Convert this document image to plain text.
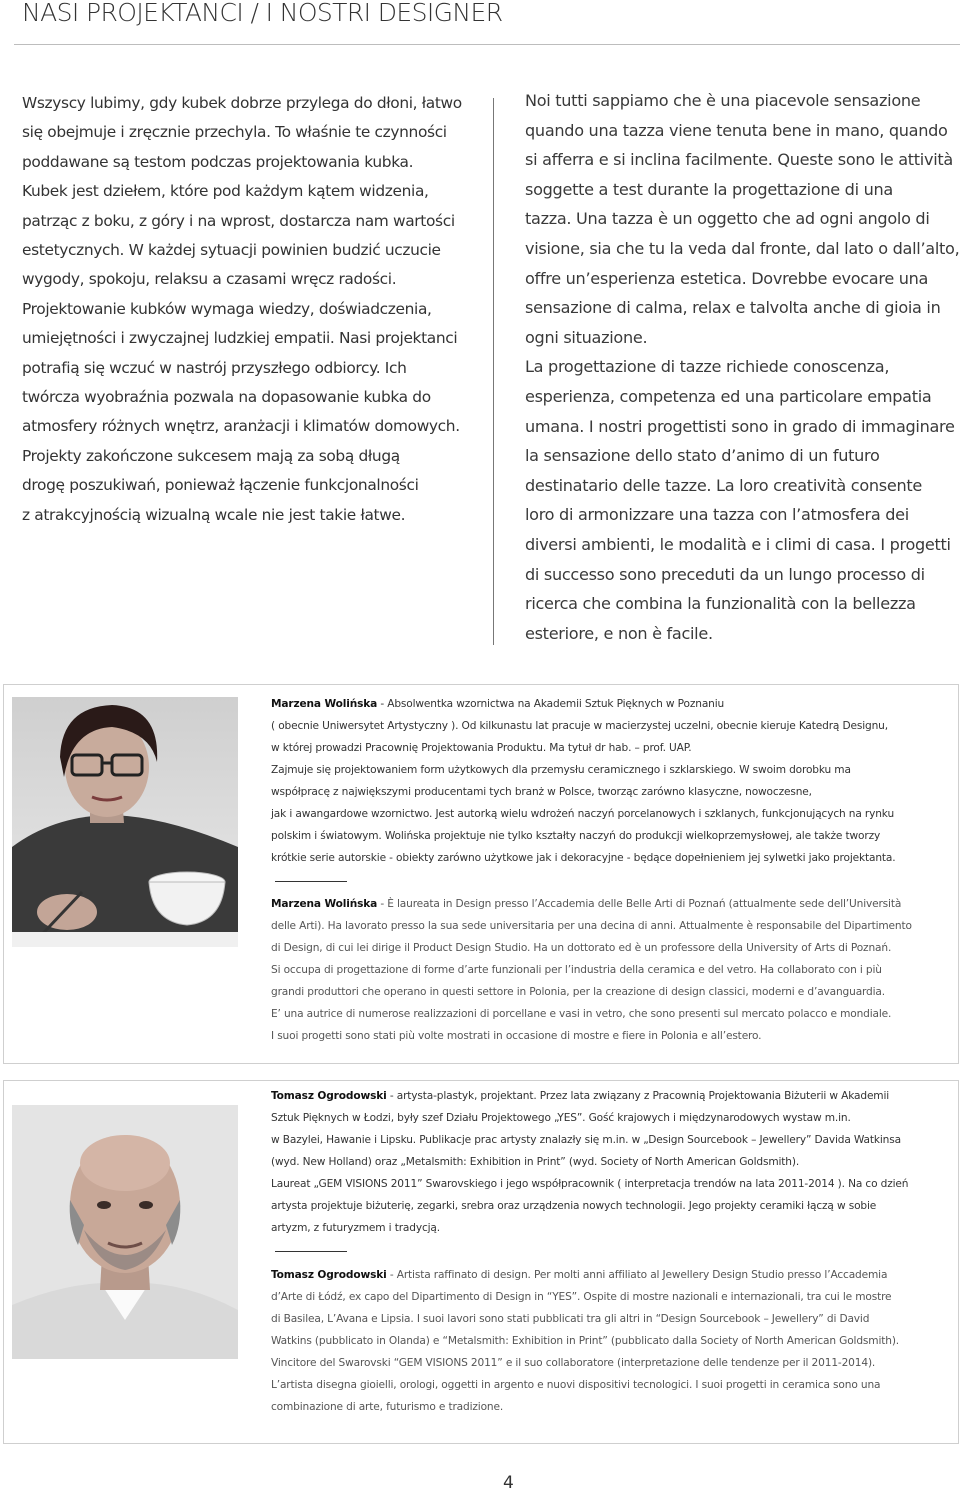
NASI PROJEKTANCI / I NOSTRI DESIGNER

Wszyscy lubimy, gdy kubek dobrze przylega do dłoni, łatwo

się obejmuje i zręcznie przechyla. To właśnie te czynności

poddawane są testom podczas projektowania kubka.

Kubek jest dziełem, które pod każdym kątem widzenia,

patrząc z boku, z góry i na wprost, dostarcza nam wartości

estetycznych. W każdej sytuacji powinien budzić uczucie

wygody, spokoju, relaksu a czasami wręcz radości.

Projektowanie kubków wymaga wiedzy, doświadczenia,

umiejętności i zwyczajnej ludzkiej empatii. Nasi projektanci

potrafią się wczuć w nastrój przyszłego odbiorcy. Ich

twórcza wyobraźnia pozwala na dopasowanie kubka do

atmosfery różnych wnętrz, aranżacji i klimatów domowych.

Projekty zakończone sukcesem mają za sobą długą

drogę poszukiwań, ponieważ łączenie funkcjonalności

z atrakcyjnością wizualną wcale nie jest takie łatwe.

Noi tutti sappiamo che è una piacevole sensazione

quando una tazza viene tenuta bene in mano, quando

si afferra e si inclina facilmente. Queste sono le attività

soggette a test durante la progettazione di una

tazza. Una tazza è un oggetto che ad ogni angolo di

visione, sia che tu la veda dal fronte, dal lato o dall’alto,

offre un’esperienza estetica. Dovrebbe evocare una

sensazione di calma, relax e talvolta anche di gioia in

ogni situazione.

La progettazione di tazze richiede conoscenza,

esperienza, competenza ed una particolare empatia

umana. I nostri progettisti sono in grado di immaginare

la sensazione dello stato d’animo di un futuro

destinatario delle tazze. La loro creatività consente

loro di armonizzare una tazza con l’atmosfera dei

diversi ambienti, le modalità e i climi di casa. I progetti

di successo sono preceduti da un lungo processo di

ricerca che combina la funzionalità con la bellezza

esteriore, e non è facile.

Marzena Wolińska - Absolwentka wzornictwa na Akademii Sztuk Pięknych w Poznaniu
( obecnie Uniwersytet Artystyczny ). Od kilkunastu lat pracuje w macierzystej uczelni, obecnie kieruje Katedrą Designu,
w której prowadzi Pracownię Projektowania Produktu. Ma tytuł dr hab. – prof. UAP.
Zajmuje się projektowaniem form użytkowych dla przemysłu ceramicznego i szklarskiego. W swoim dorobku ma
współpracę z największymi producentami tych branż w Polsce, tworząc zarówno klasyczne, nowoczesne,
jak i awangardowe wzornictwo. Jest autorką wielu wdrożeń naczyń porcelanowych i szklanych, funkcjonujących na rynku
polskim i światowym. Wolińska projektuje nie tylko kształty naczyń do produkcji wielkoprzemysłowej, ale także tworzy
krótkie serie autorskie - obiekty zarówno użytkowe jak i dekoracyjne - będące dopełnieniem jej sylwetki jako projektanta.
Marzena Wolińska - È laureata in Design presso l’Accademia delle Belle Arti di Poznań (attualmente sede dell’Università
delle Arti). Ha lavorato presso la sua sede universitaria per una decina di anni. Attualmente è responsabile del Dipartimento
di Design, di cui lei dirige il Product Design Studio. Ha un dottorato ed è un professore della University of Arts di Poznań.
Si occupa di progettazione di forme d’arte funzionali per l’industria della ceramica e del vetro. Ha collaborato con i più
grandi produttori che operano in questi settore in Polonia, per la creazione di design classici, moderni e d’avanguardia.
E’ una autrice di numerose realizzazioni di porcellane e vasi in vetro, che sono presenti sul mercato polacco e mondiale.
I suoi progetti sono stati più volte mostrati in occasione di mostre e fiere in Polonia e all’estero.
Tomasz Ogrodowski - artysta-plastyk, projektant. Przez lata związany z Pracownią Projektowania Biżuterii w Akademii
Sztuk Pięknych w Łodzi, były szef Działu Projektowego „YES”. Gość krajowych i międzynarodowych wystaw m.in.
w Bazylei, Hawanie i Lipsku. Publikacje prac artysty znalazły się m.in. w „Design Sourcebook – Jewellery” Davida Watkinsa
(wyd. New Holland) oraz „Metalsmith: Exhibition in Print” (wyd. Society of North American Goldsmith).
Laureat „GEM VISIONS 2011” Swarovskiego i jego współpracownik ( interpretacja trendów na lata 2011-2014 ). Na co dzień
artysta projektuje biżuterię, zegarki, srebra oraz urządzenia nowych technologii. Jego projekty ceramiki łączą w sobie
artyzm, z futuryzmem i tradycją.
Tomasz Ogrodowski - Artista raffinato di design. Per molti anni affiliato al Jewellery Design Studio presso l’Accademia
d’Arte di Łódź, ex capo del Dipartimento di Design in “YES”. Ospite di mostre nazionali e internazionali, tra cui le mostre
di Basilea, L’Avana e Lipsia. I suoi lavori sono stati pubblicati tra gli altri in “Design Sourcebook – Jewellery” di David
Watkins (pubblicato in Olanda) e “Metalsmith: Exhibition in Print” (pubblicato dalla Society of North American Goldsmith).
Vincitore del Swarovski “GEM VISIONS 2011” e il suo collaboratore (interpretazione delle tendenze per il 2011-2014).
L’artista disegna gioielli, orologi, oggetti in argento e nuovi dispositivi tecnologici. I suoi progetti in ceramica sono una
combinazione di arte, futurismo e tradizione.
4
